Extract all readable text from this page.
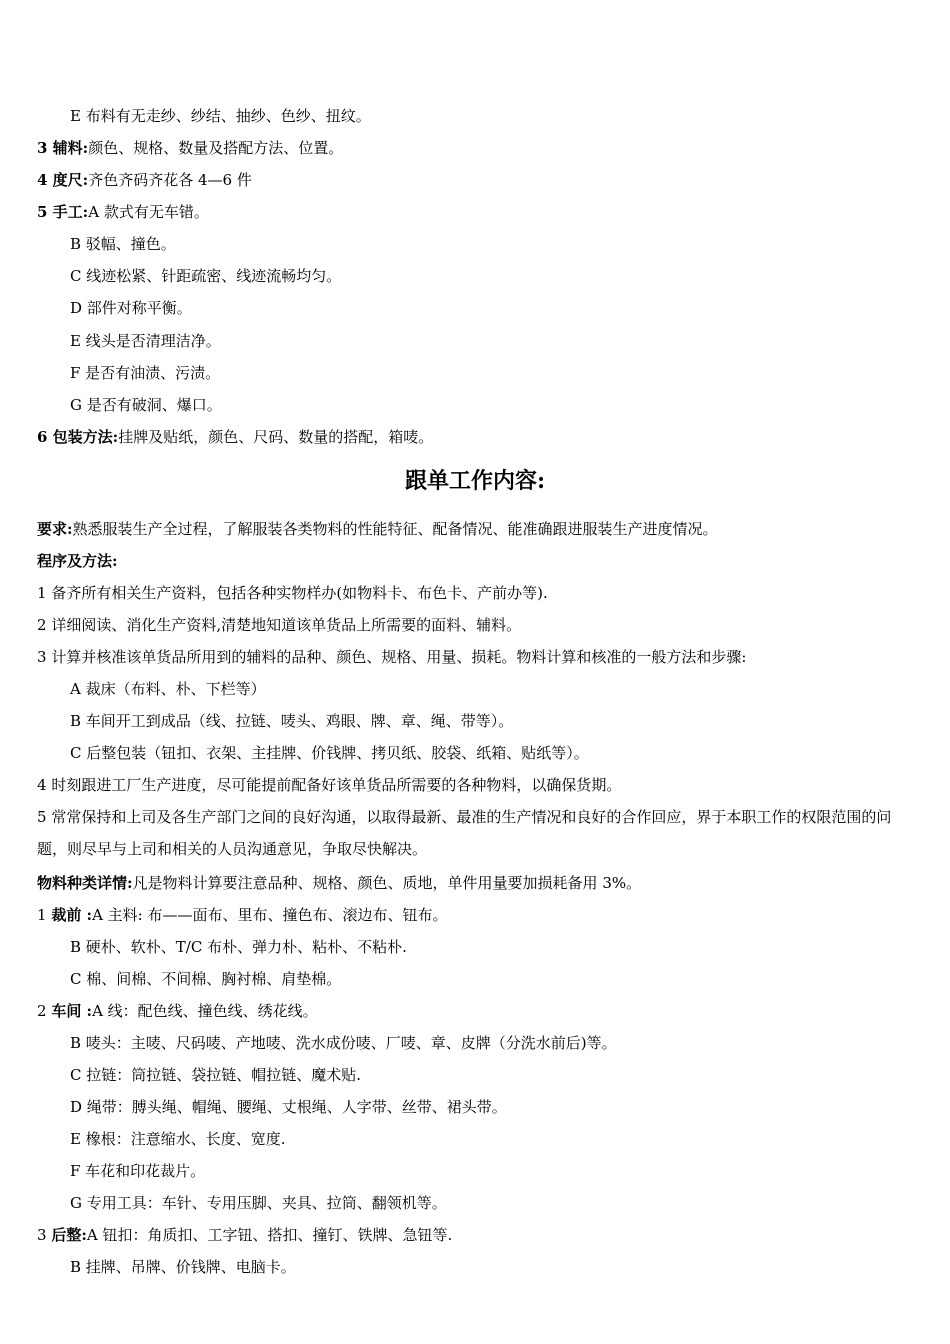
E 布料有无走纱、纱结、抽纱、色纱、扭纹。
3 辅料:颜色、规格、数量及搭配方法、位置。
4 度尺:齐色齐码齐花各 4—6 件
5 手工:A 款式有无车错。
B 驳幅、撞色。
C 线迹松紧、针距疏密、线迹流畅均匀。
D 部件对称平衡。
E 线头是否清理洁净。
F 是否有油渍、污渍。
G 是否有破洞、爆口。
6 包装方法:挂牌及贴纸，颜色、尺码、数量的搭配，箱唛。
跟单工作内容:
要求:熟悉服装生产全过程，了解服装各类物料的性能特征、配备情况、能准确跟进服装生产进度情况。
程序及方法:
1 备齐所有相关生产资料，包括各种实物样办(如物料卡、布色卡、产前办等).
2 详细阅读、消化生产资料,清楚地知道该单货品上所需要的面料、辅料。
3 计算并核准该单货品所用到的辅料的品种、颜色、规格、用量、损耗。物料计算和核准的一般方法和步骤:
A 裁床（布料、朴、下栏等）
B 车间开工到成品（线、拉链、唛头、鸡眼、牌、章、绳、带等）。
C 后整包装（钮扣、衣架、主挂牌、价钱牌、拷贝纸、胶袋、纸箱、贴纸等）。
4 时刻跟进工厂生产进度，尽可能提前配备好该单货品所需要的各种物料，以确保货期。
5 常常保持和上司及各生产部门之间的良好沟通，以取得最新、最准的生产情况和良好的合作回应，界于本职工作的权限范围的问题，则尽早与上司和相关的人员沟通意见，争取尽快解决。
物料种类详情:凡是物料计算要注意品种、规格、颜色、质地，单件用量要加损耗备用 3%。
1 裁前 :A 主料: 布——面布、里布、撞色布、滚边布、钮布。
B 硬朴、软朴、T/C 布朴、弹力朴、粘朴、不粘朴.
C 棉、间棉、不间棉、胸衬棉、肩垫棉。
2 车间 :A 线：配色线、撞色线、绣花线。
B 唛头：主唛、尺码唛、产地唛、洗水成份唛、厂唛、章、皮牌（分洗水前后)等。
C 拉链：筒拉链、袋拉链、帽拉链、魔术贴.
D 绳带：膊头绳、帽绳、腰绳、丈根绳、人字带、丝带、裙头带。
E 橡根：注意缩水、长度、宽度.
F 车花和印花裁片。
G 专用工具：车针、专用压脚、夹具、拉筒、翻领机等。
3 后整:A 钮扣：角质扣、工字钮、搭扣、撞钉、铁牌、急钮等.
B 挂牌、吊牌、价钱牌、电脑卡。
